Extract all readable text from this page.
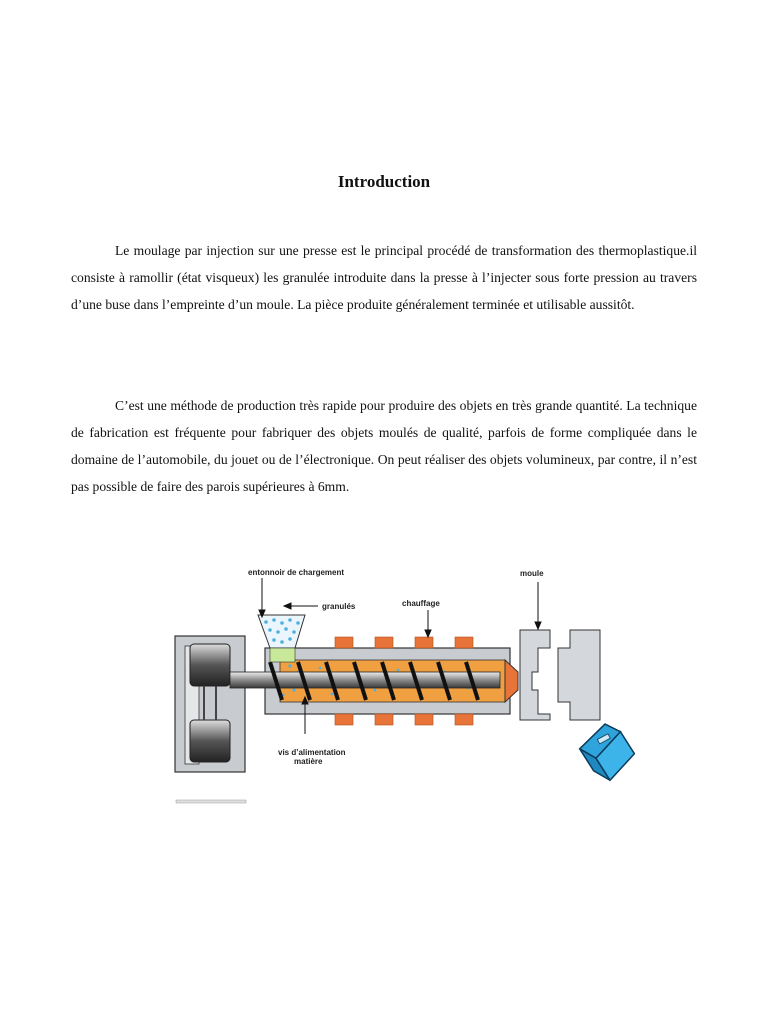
Introduction

Le moulage par injection sur une presse est le principal procédé de transformation des thermoplastique.il consiste à ramollir (état visqueux) les granulée introduite dans la presse à l’injecter sous forte pression au travers d’une buse dans l’empreinte d’un moule. La pièce produite généralement terminée et utilisable aussitôt.

C’est une méthode de production très rapide pour produire des objets en très grande quantité. La technique de fabrication est fréquente pour fabriquer des objets moulés de qualité, parfois de forme compliquée dans le domaine de l’automobile, du jouet ou de l’électronique. On peut réaliser des objets volumineux, par contre, il n’est pas possible de faire des parois supérieures à 6mm.

entonnoir de chargement
granulés	chauffage
moule
vis d’alimentation
matière
